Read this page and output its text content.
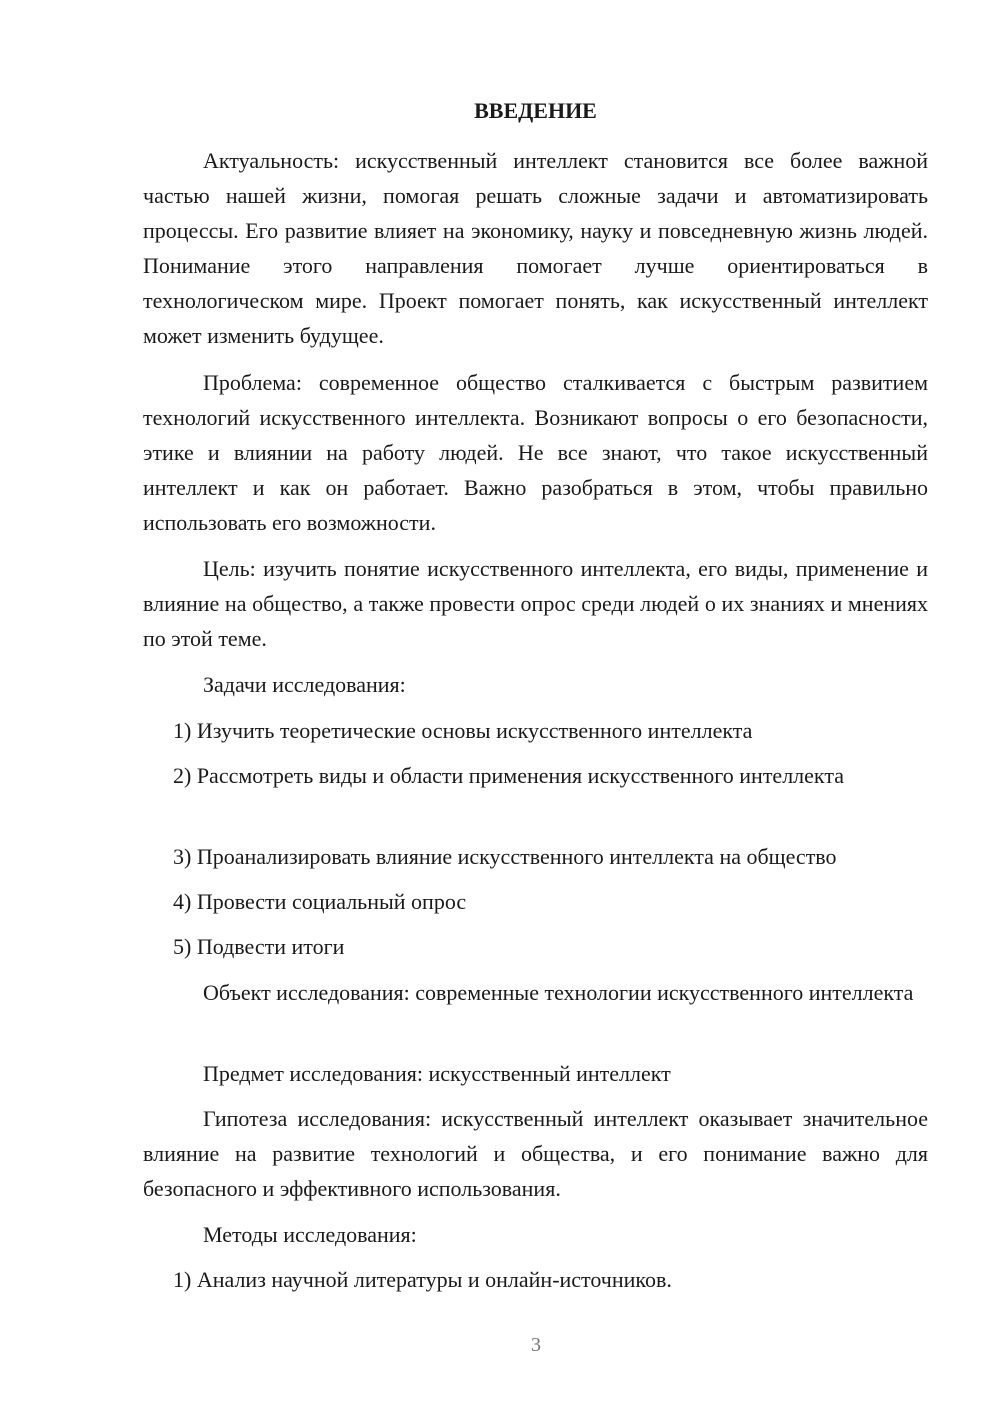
ВВЕДЕНИЕ

Актуальность: искусственный интеллект становится все более важной частью нашей жизни, помогая решать сложные задачи и автоматизировать процессы. Его развитие влияет на экономику, науку и повседневную жизнь людей. Понимание этого направления помогает лучше ориентироваться в технологическом мире. Проект помогает понять, как искусственный интеллект может изменить будущее.

Проблема: современное общество сталкивается с быстрым развитием технологий искусственного интеллекта. Возникают вопросы о его безопасности, этике и влиянии на работу людей. Не все знают, что такое искусственный интеллект и как он работает. Важно разобраться в этом, чтобы правильно использовать его возможности.

Цель: изучить понятие искусственного интеллекта, его виды, применение и влияние на общество, а также провести опрос среди людей о их знаниях и мнениях по этой теме.

Задачи исследования:

1) Изучить теоретические основы искусственного интеллекта

2) Рассмотреть виды и области применения искусственного интеллекта

3) Проанализировать влияние искусственного интеллекта на общество

4) Провести социальный опрос

5) Подвести итоги

Объект исследования: современные технологии искусственного интеллекта

Предмет исследования: искусственный интеллект

Гипотеза исследования: искусственный интеллект оказывает значительное влияние на развитие технологий и общества, и его понимание важно для безопасного и эффективного использования.

Методы исследования:

1) Анализ научной литературы и онлайн-источников.

3
